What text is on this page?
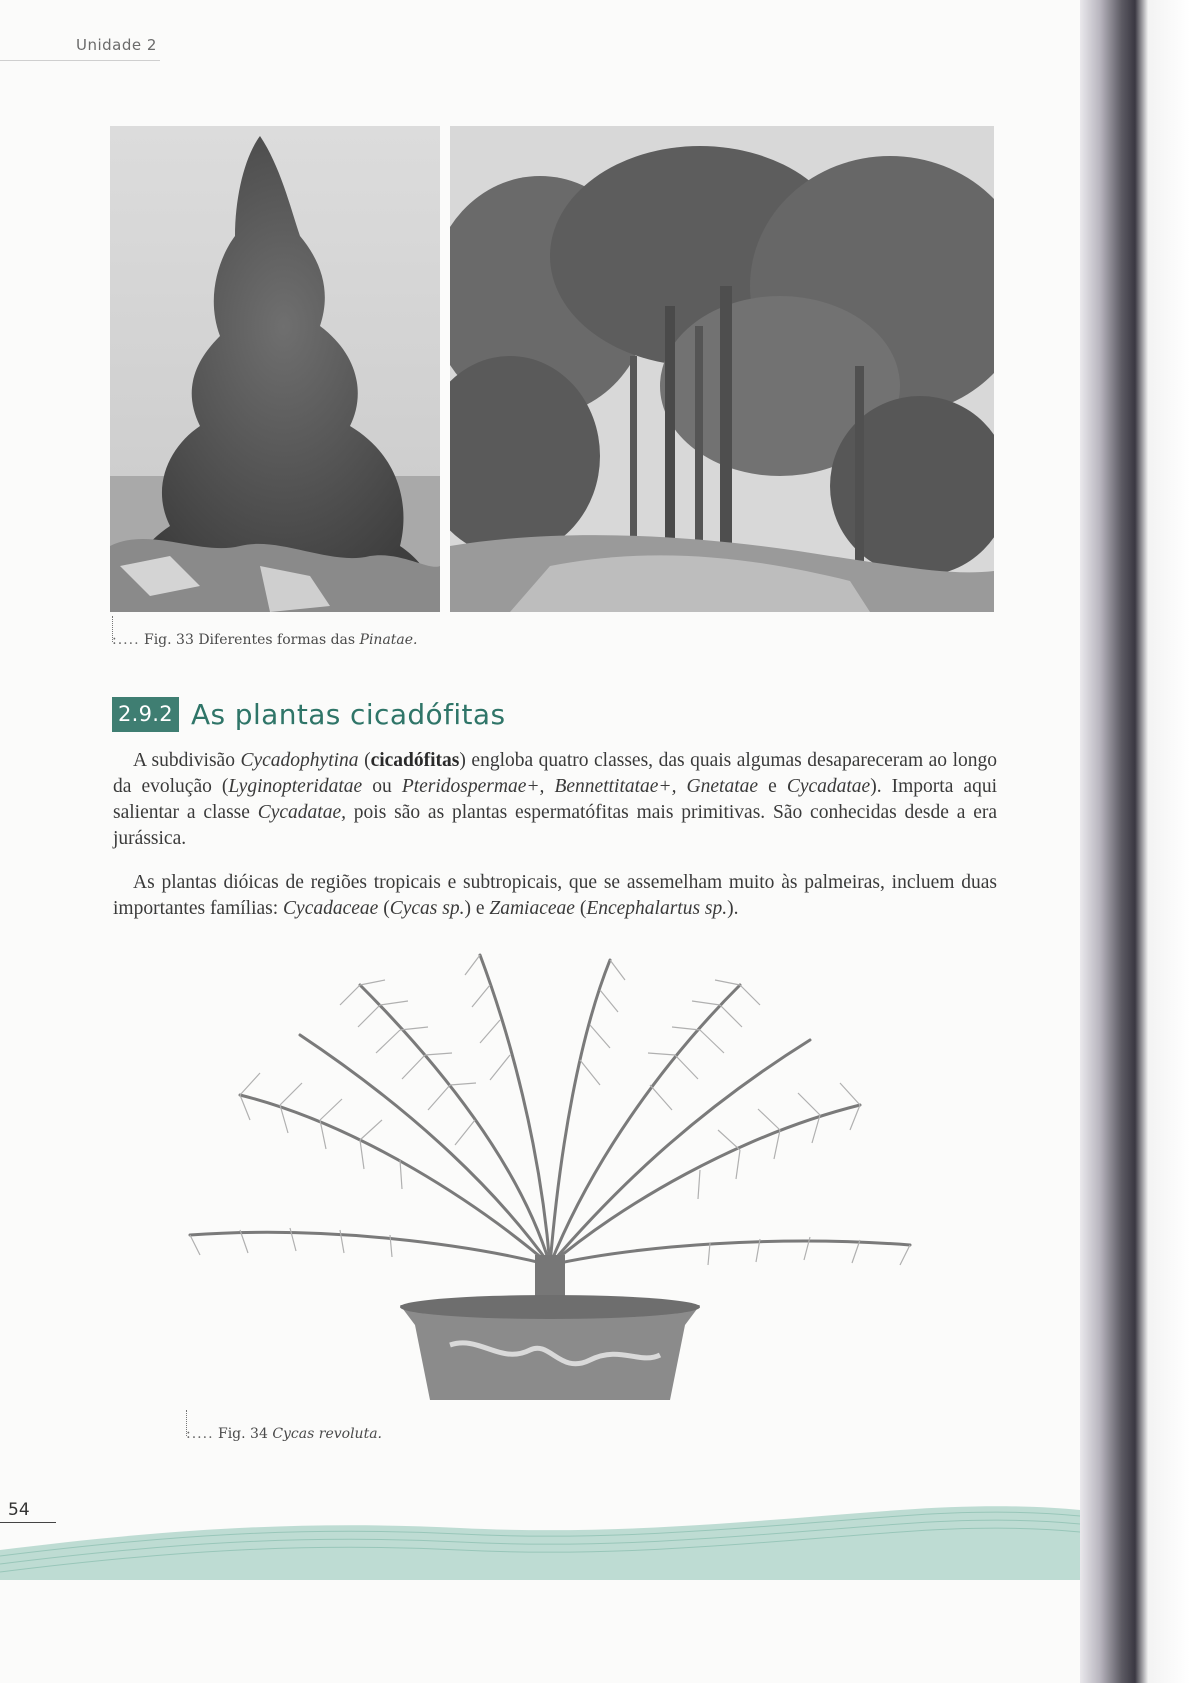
Unidade 2
:.... Fig. 33 Diferentes formas das Pinatae.
2.9.2 As plantas cicadófitas

A subdivisão Cycadophytina (cicadófitas) engloba quatro classes, das quais algumas desapareceram ao longo da evolução (Lyginopteridatae ou Pteridospermae+, Bennettitatae+, Gnetatae e Cycadatae). Importa aqui salientar a classe Cycadatae, pois são as plantas espermatófitas mais primitivas. São conhecidas desde a era jurássica.

As plantas dióicas de regiões tropicais e subtropicais, que se assemelham muito às palmeiras, incluem duas importantes famílias: Cycadaceae (Cycas sp.) e Zamiaceae (Encephalartus sp.).

:.... Fig. 34 Cycas revoluta.
54
